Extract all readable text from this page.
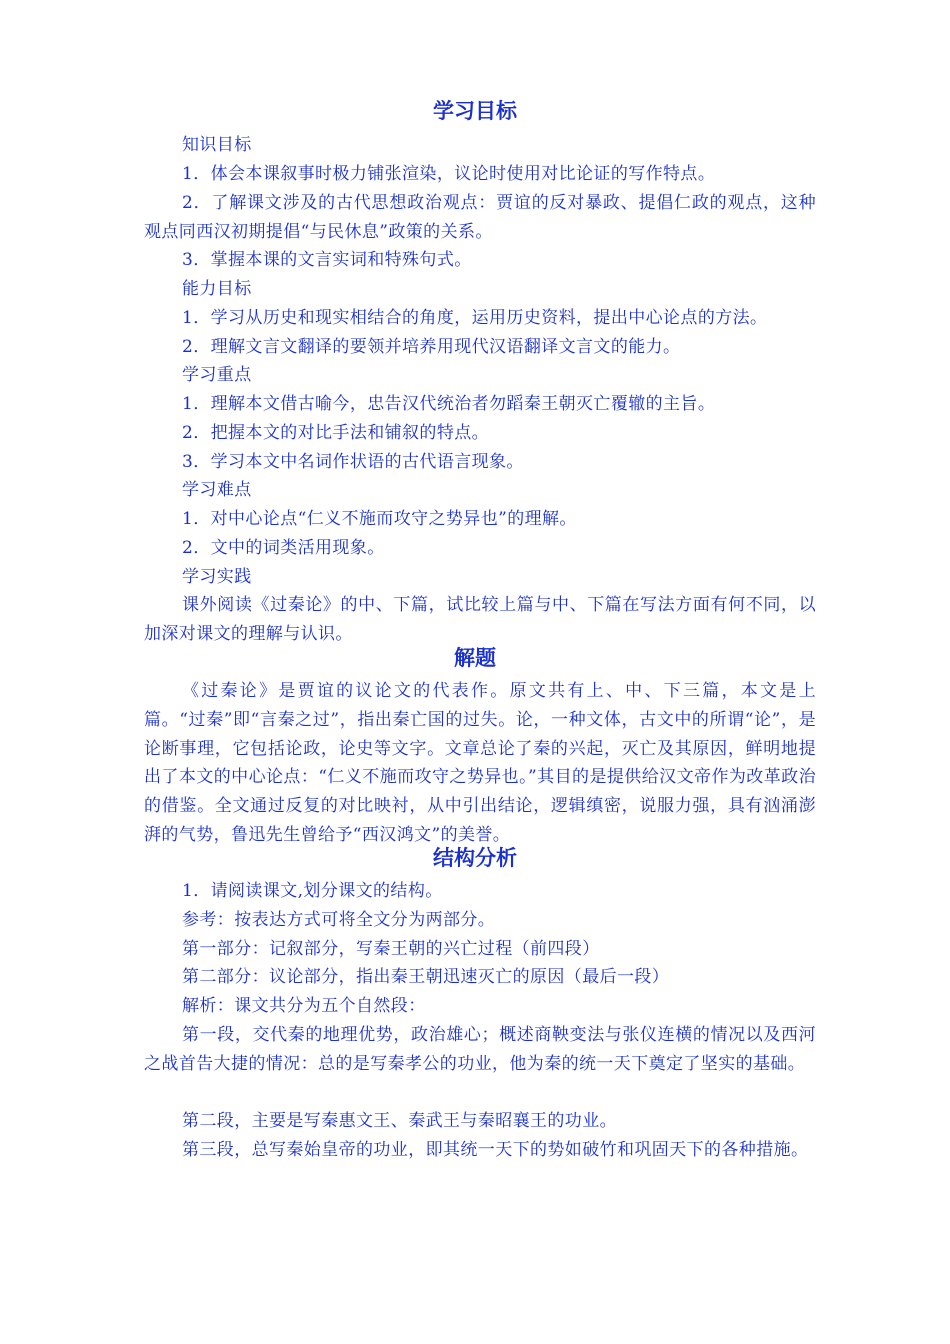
学习目标

知识目标

1．体会本课叙事时极力铺张渲染，议论时使用对比论证的写作特点。

2．了解课文涉及的古代思想政治观点：贾谊的反对暴政、提倡仁政的观点，这种观点同西汉初期提倡“与民休息”政策的关系。

3．掌握本课的文言实词和特殊句式。

能力目标

1．学习从历史和现实相结合的角度，运用历史资料，提出中心论点的方法。

2．理解文言文翻译的要领并培养用现代汉语翻译文言文的能力。

学习重点

1．理解本文借古喻今，忠告汉代统治者勿蹈秦王朝灭亡覆辙的主旨。

2．把握本文的对比手法和铺叙的特点。

3．学习本文中名词作状语的古代语言现象。

学习难点

1．对中心论点“仁义不施而攻守之势异也”的理解。

2．文中的词类活用现象。

学习实践

课外阅读《过秦论》的中、下篇，试比较上篇与中、下篇在写法方面有何不同，以加深对课文的理解与认识。

解题

《过秦论》是贾谊的议论文的代表作。原文共有上、中、下三篇，本文是上篇。“过秦”即“言秦之过”，指出秦亡国的过失。论，一种文体，古文中的所谓“论”，是论断事理，它包括论政，论史等文字。文章总论了秦的兴起，灭亡及其原因，鲜明地提出了本文的中心论点：“仁义不施而攻守之势异也。”其目的是提供给汉文帝作为改革政治的借鉴。全文通过反复的对比映衬，从中引出结论，逻辑缜密，说服力强，具有汹涌澎湃的气势，鲁迅先生曾给予“西汉鸿文”的美誉。

结构分析

1．请阅读课文,划分课文的结构。

参考：按表达方式可将全文分为两部分。

第一部分：记叙部分，写秦王朝的兴亡过程（前四段）

第二部分：议论部分，指出秦王朝迅速灭亡的原因（最后一段）

解析：课文共分为五个自然段：

第一段，交代秦的地理优势，政治雄心；概述商鞅变法与张仪连横的情况以及西河之战首告大捷的情况：总的是写秦孝公的功业，他为秦的统一天下奠定了坚实的基础。

第二段，主要是写秦惠文王、秦武王与秦昭襄王的功业。

第三段，总写秦始皇帝的功业，即其统一天下的势如破竹和巩固天下的各种措施。
